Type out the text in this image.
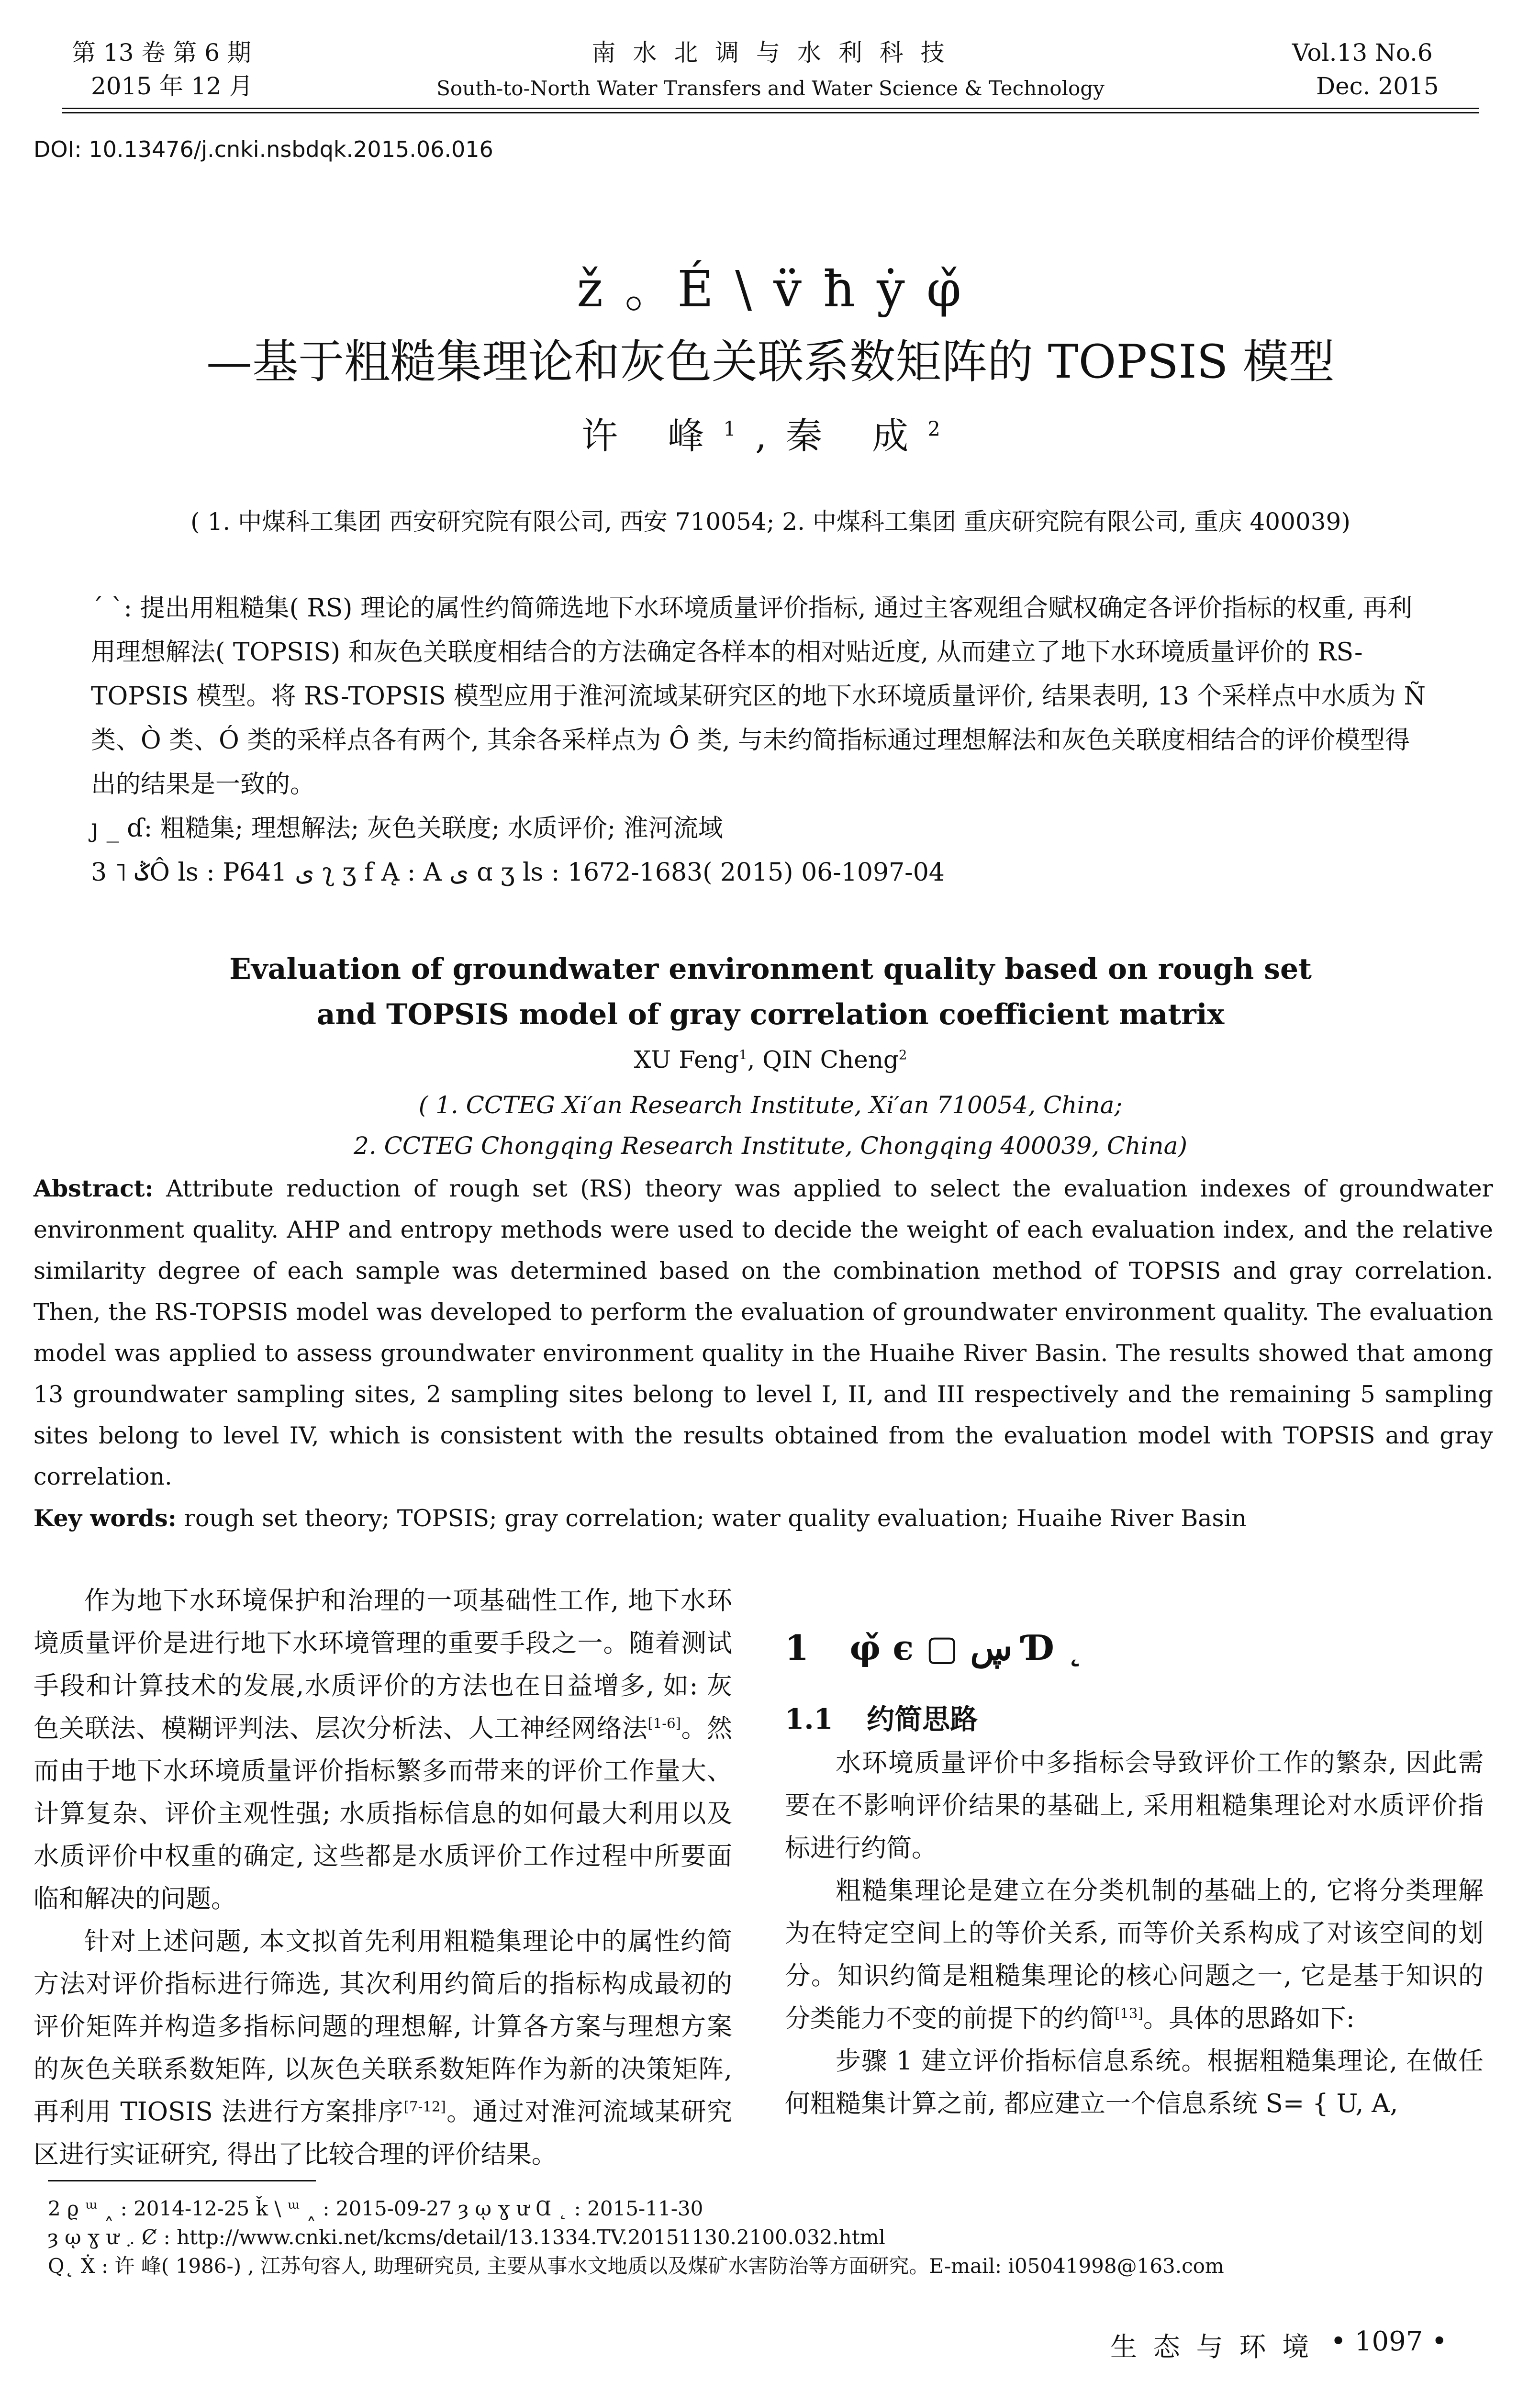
第 13 卷 第 6 期
2015 年 12 月
南 水 北 调 与 水 利 科 技
South-to-North Water Transfers and Water Science & Technology
Vol.13 No.6
Dec. 2015
DOI: 10.13476/j.cnki.nsbdqk.2015.06.016
ž 。É \ v̈ ħ ẏ φ̌
—基于粗糙集理论和灰色关联系数矩阵的 TOPSIS 模型
许 峰$^1$,秦 成$^2$
( 1. 中煤科工集团 西安研究院有限公司, 西安 710054; 2. 中煤科工集团 重庆研究院有限公司, 重庆 400039)

ˊ ˋ: 提出用粗糙集( RS) 理论的属性约简筛选地下水环境质量评价指标, 通过主客观组合赋权确定各评价指标的权重, 再利用理想解法( TOPSIS) 和灰色关联度相结合的方法确定各样本的相对贴近度, 从而建立了地下水环境质量评价的 RS-TOPSIS 模型。将 RS-TOPSIS 模型应用于淮河流域某研究区的地下水环境质量评价, 结果表明, 13 个采样点中水质为 Ñ 类、Ò 类、Ó 类的采样点各有两个, 其余各采样点为 Ô 类, 与未约简指标通过理想解法和灰色关联度相结合的评价模型得出的结果是一致的。

ȷ _ ɗ: 粗糙集; 理想解法; 灰色关联度; 水质评价; 淮河流域

3 ˥ ݣÔ ls : P641 ى ʅ ӡ f Ą : A ى ɑ ӡ ls : 1672-1683( 2015) 06-1097-04

Evaluation of groundwater environment quality based on rough set
and TOPSIS model of gray correlation coefficient matrix
XU Feng$^1$, QIN Cheng$^2$
( 1. CCTEG Xi′an Research Institute, Xi′an 710054, China;
2. CCTEG Chongqing Research Institute, Chongqing 400039, China)

Abstract: Attribute reduction of rough set (RS) theory was applied to select the evaluation indexes of groundwater environment quality. AHP and entropy methods were used to decide the weight of each evaluation index, and the relative similarity degree of each sample was determined based on the combination method of TOPSIS and gray correlation. Then, the RS-TOPSIS model was developed to perform the evaluation of groundwater environment quality. The evaluation model was applied to assess groundwater environment quality in the Huaihe River Basin. The results showed that among 13 groundwater sampling sites, 2 sampling sites belong to level I, II, and III respectively and the remaining 5 sampling sites belong to level IV, which is consistent with the results obtained from the evaluation model with TOPSIS and gray correlation.

Key words: rough set theory; TOPSIS; gray correlation; water quality evaluation; Huaihe River Basin

作为地下水环境保护和治理的一项基础性工作, 地下水环境质量评价是进行地下水环境管理的重要手段之一。随着测试手段和计算技术的发展,水质评价的方法也在日益增多, 如: 灰色关联法、模糊评判法、层次分析法、人工神经网络法[1-6]。然而由于地下水环境质量评价指标繁多而带来的评价工作量大、计算复杂、评价主观性强; 水质指标信息的如何最大利用以及水质评价中权重的确定, 这些都是水质评价工作过程中所要面临和解决的问题。

针对上述问题, 本文拟首先利用粗糙集理论中的属性约简方法对评价指标进行筛选, 其次利用约简后的指标构成最初的评价矩阵并构造多指标问题的理想解, 计算各方案与理想方案的灰色关联系数矩阵, 以灰色关联系数矩阵作为新的决策矩阵, 再利用 TIOSIS 法进行方案排序[7-12]。通过对淮河流域某研究区进行实证研究, 得出了比较合理的评价结果。

1 φ̌ є ▢ ڛ Ɗ ˛
1.1 约简思路

水环境质量评价中多指标会导致评价工作的繁杂, 因此需要在不影响评价结果的基础上, 采用粗糙集理论对水质评价指标进行约简。

粗糙集理论是建立在分类机制的基础上的, 它将分类理解为在特定空间上的等价关系, 而等价关系构成了对该空间的划分。知识约简是粗糙集理论的核心问题之一, 它是基于知识的分类能力不变的前提下的约简[13]。具体的思路如下:

步骤 1 建立评价指标信息系统。根据粗糙集理论, 在做任何粗糙集计算之前, 都应建立一个信息系统 S= { U, A,

2 ϱ ᵚ ˰ : 2014-12-25 ǩ \ ᵚ ˰ : 2015-09-27 ȝ ῳ ɣ ư Ɑ ˛ : 2015-11-30

ȝ ῳ ɣ ư ܇ Ȼ : http://www.cnki.net/kcms/detail/13.1334.TV.20151130.2100.032.html

Q˛ Ẋ : 许 峰( 1986-) , 江苏句容人, 助理研究员, 主要从事水文地质以及煤矿水害防治等方面研究。E-mail: i05041998@163.com

生 态 与 环 境 • 1097 •
